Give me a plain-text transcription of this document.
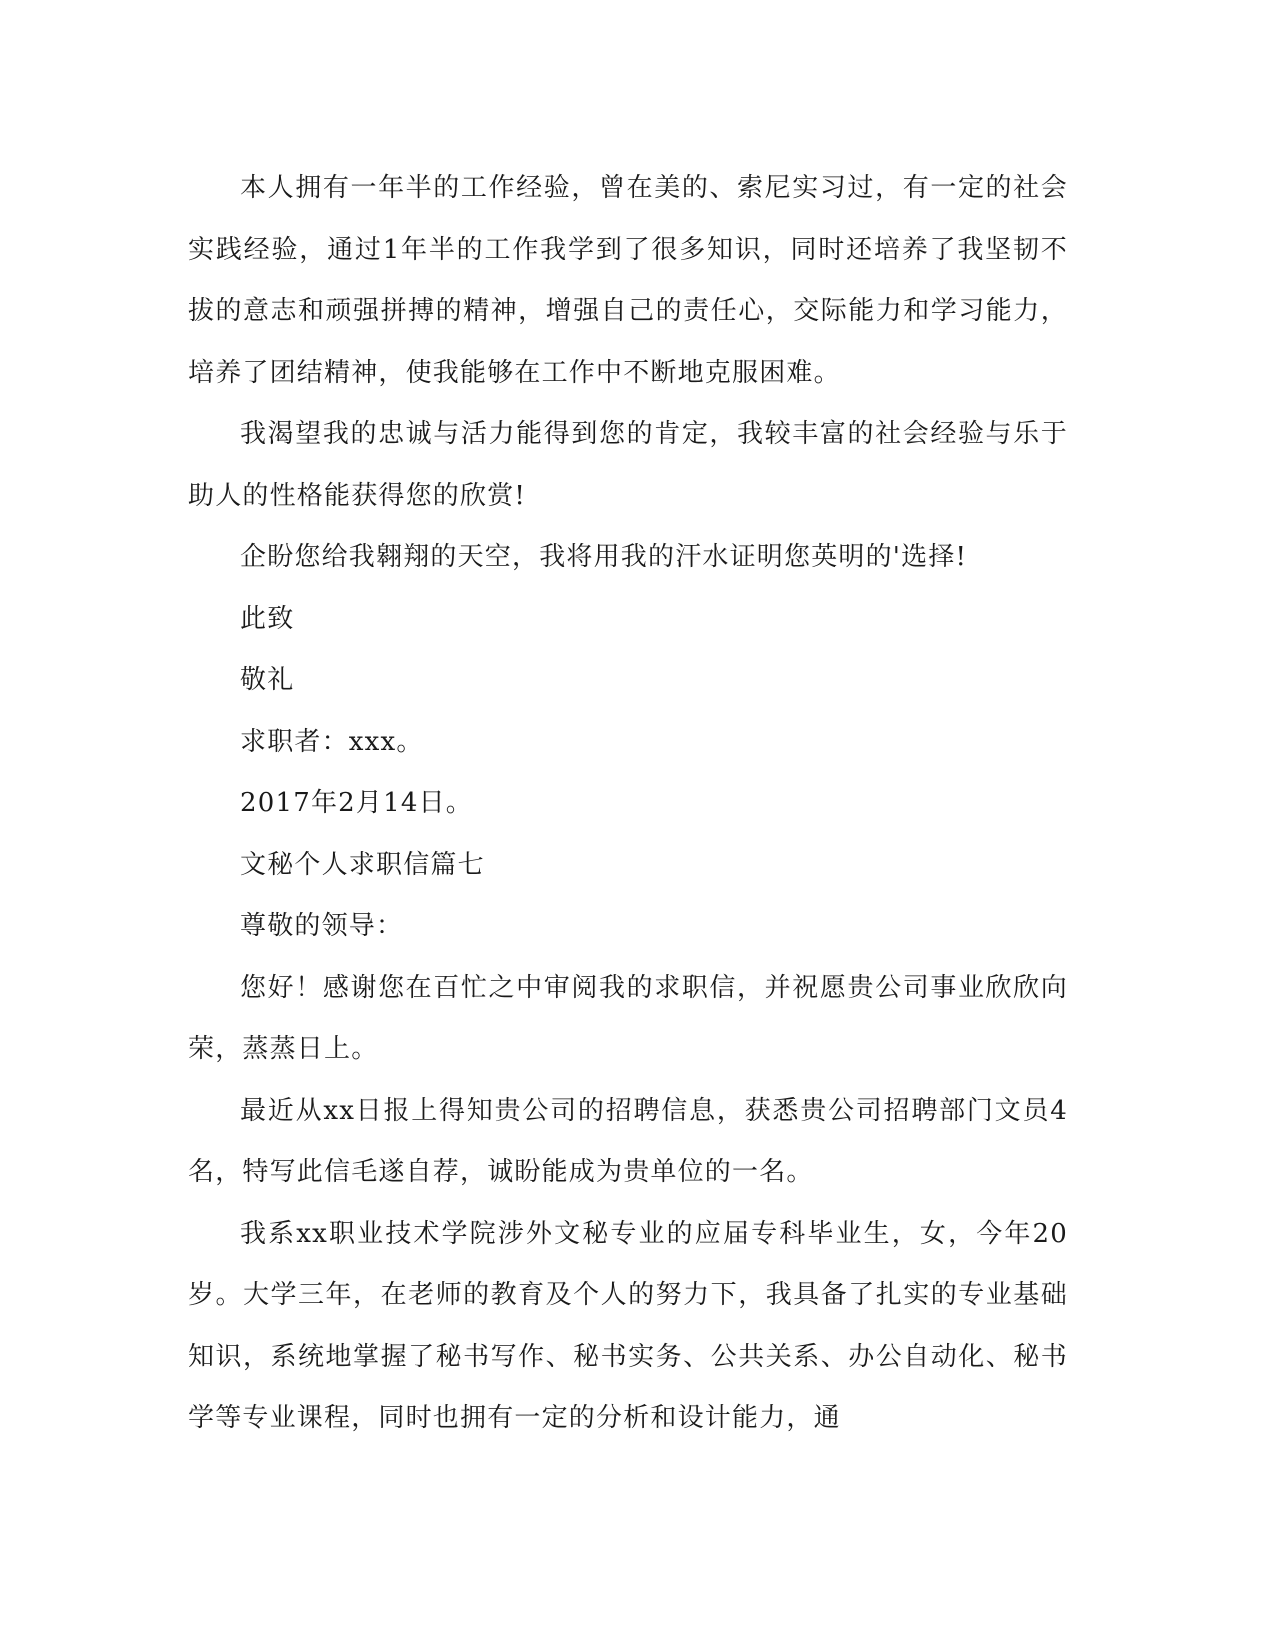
本人拥有一年半的工作经验，曾在美的、索尼实习过，有一定的社会实践经验，通过1年半的工作我学到了很多知识，同时还培养了我坚韧不拔的意志和顽强拼搏的精神，增强自己的责任心，交际能力和学习能力，培养了团结精神，使我能够在工作中不断地克服困难。

我渴望我的忠诚与活力能得到您的肯定，我较丰富的社会经验与乐于助人的性格能获得您的欣赏!

企盼您给我翱翔的天空，我将用我的汗水证明您英明的'选择!

此致

敬礼

求职者：xxx。

2017年2月14日。

文秘个人求职信篇七

尊敬的领导：

您好！感谢您在百忙之中审阅我的求职信，并祝愿贵公司事业欣欣向荣，蒸蒸日上。

最近从xx日报上得知贵公司的招聘信息，获悉贵公司招聘部门文员4名，特写此信毛遂自荐，诚盼能成为贵单位的一名。

我系xx职业技术学院涉外文秘专业的应届专科毕业生，女，今年20岁。大学三年，在老师的教育及个人的努力下，我具备了扎实的专业基础知识，系统地掌握了秘书写作、秘书实务、公共关系、办公自动化、秘书学等专业课程，同时也拥有一定的分析和设计能力，通
